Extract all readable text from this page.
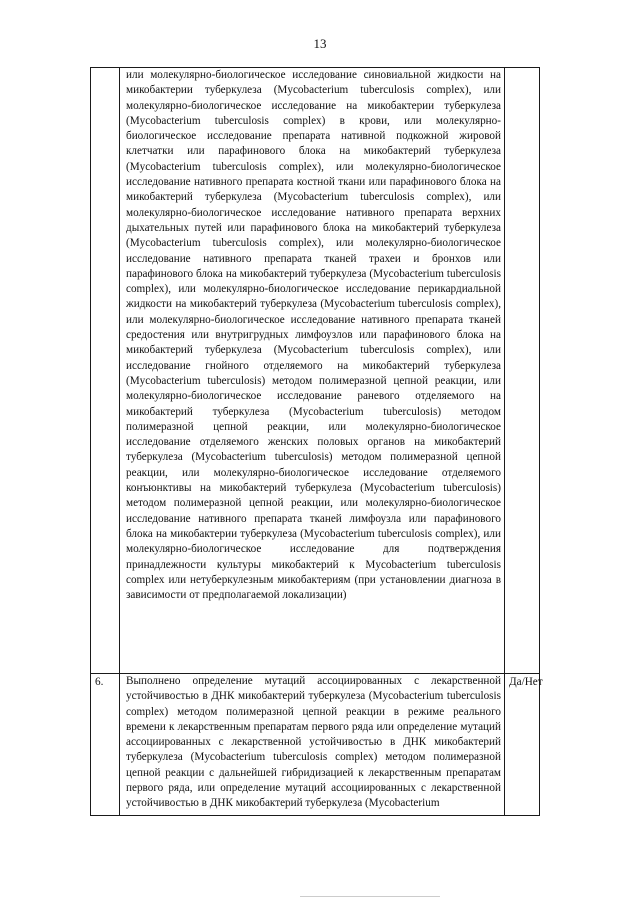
13

	или молекулярно-биологическое исследование синовиальной жидкости на микобактерии туберкулеза (Mycobacterium tuberculosis complex), или молекулярно-биологическое исследование на микобактерии туберкулеза (Mycobacterium tuberculosis complex) в крови, или молекулярно-биологическое исследование препарата нативной подкожной жировой клетчатки или парафинового блока на микобактерий туберкулеза (Mycobacterium tuberculosis complex), или молекулярно-биологическое исследование нативного препарата костной ткани или парафинового блока на микобактерий туберкулеза (Mycobacterium tuberculosis complex), или молекулярно-биологическое исследование нативного препарата верхних дыхательных путей или парафинового блока на микобактерий туберкулеза (Mycobacterium tuberculosis complex), или молекулярно-биологическое исследование нативного препарата тканей трахеи и бронхов или парафинового блока на микобактерий туберкулеза (Mycobacterium tuberculosis complex), или молекулярно-биологическое исследование перикардиальной жидкости на микобактерий туберкулеза (Mycobacterium tuberculosis complex), или молекулярно-биологическое исследование нативного препарата тканей средостения или внутригрудных лимфоузлов или парафинового блока на микобактерий туберкулеза (Mycobacterium tuberculosis complex), или исследование гнойного отделяемого на микобактерий туберкулеза (Mycobacterium tuberculosis) методом полимеразной цепной реакции, или молекулярно-биологическое исследование раневого отделяемого на микобактерий туберкулеза (Mycobacterium tuberculosis) методом полимеразной цепной реакции, или молекулярно-биологическое исследование отделяемого женских половых органов на микобактерий туберкулеза (Mycobacterium tuberculosis) методом полимеразной цепной реакции, или молекулярно-биологическое исследование отделяемого конъюнктивы на микобактерий туберкулеза (Mycobacterium tuberculosis) методом полимеразной цепной реакции, или молекулярно-биологическое исследование нативного препарата тканей лимфоузла или парафинового блока на микобактерии туберкулеза (Mycobacterium tuberculosis complex), или молекулярно-биологическое исследование для подтверждения принадлежности культуры микобактерий к Mycobacterium tuberculosis complex или нетуберкулезным микобактериям (при установлении диагноза в зависимости от предполагаемой локализации)	

6.	Выполнено определение мутаций ассоциированных с лекарственной устойчивостью в ДНК микобактерий туберкулеза (Mycobacterium tuberculosis complex) методом полимеразной цепной реакции в режиме реального времени к лекарственным препаратам первого ряда или определение мутаций ассоциированных с лекарственной устойчивостью в ДНК микобактерий туберкулеза (Mycobacterium tuberculosis complex) методом полимеразной цепной реакции с дальнейшей гибридизацией к лекарственным препаратам первого ряда, или определение мутаций ассоциированных с лекарственной устойчивостью в ДНК микобактерий туберкулеза (Mycobacterium	Да/Нет
